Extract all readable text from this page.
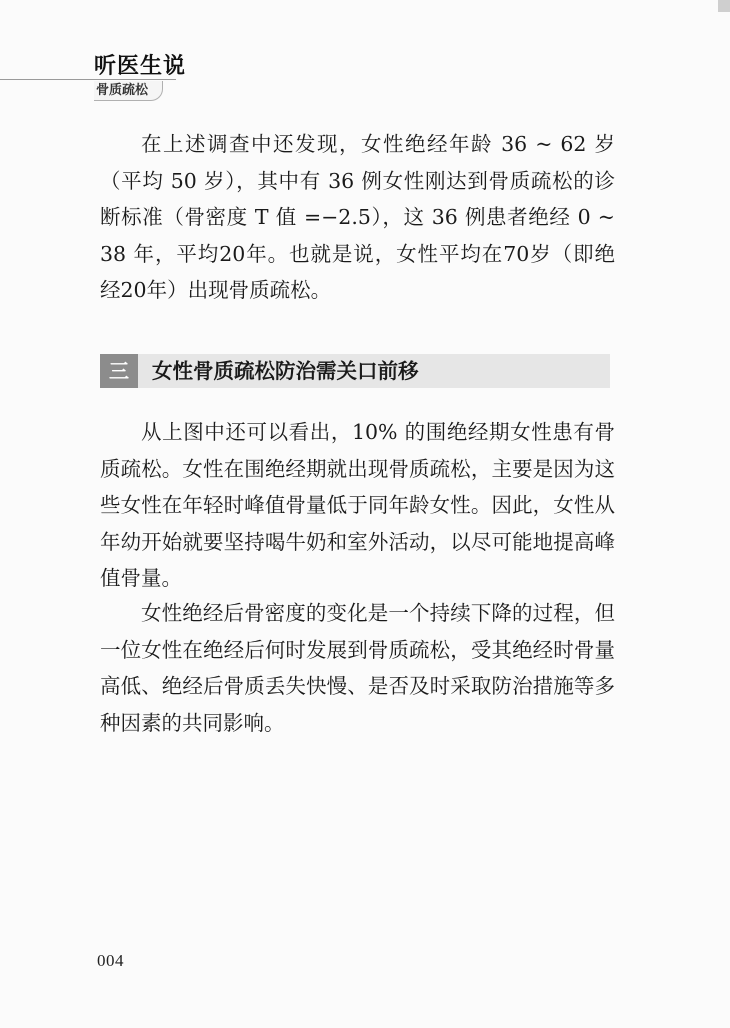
听医生说
骨质疏松

在上述调查中还发现，女性绝经年龄 36 ~ 62 岁（平均 50 岁），其中有 36 例女性刚达到骨质疏松的诊断标准（骨密度 T 值 =−2.5），这 36 例患者绝经 0 ~ 38 年，平均20年。也就是说，女性平均在70岁（即绝经20年）出现骨质疏松。

三	女性骨质疏松防治需关口前移

从上图中还可以看出，10% 的围绝经期女性患有骨质疏松。女性在围绝经期就出现骨质疏松，主要是因为这些女性在年轻时峰值骨量低于同年龄女性。因此，女性从年幼开始就要坚持喝牛奶和室外活动，以尽可能地提高峰值骨量。

女性绝经后骨密度的变化是一个持续下降的过程，但一位女性在绝经后何时发展到骨质疏松，受其绝经时骨量高低、绝经后骨质丢失快慢、是否及时采取防治措施等多种因素的共同影响。

004
